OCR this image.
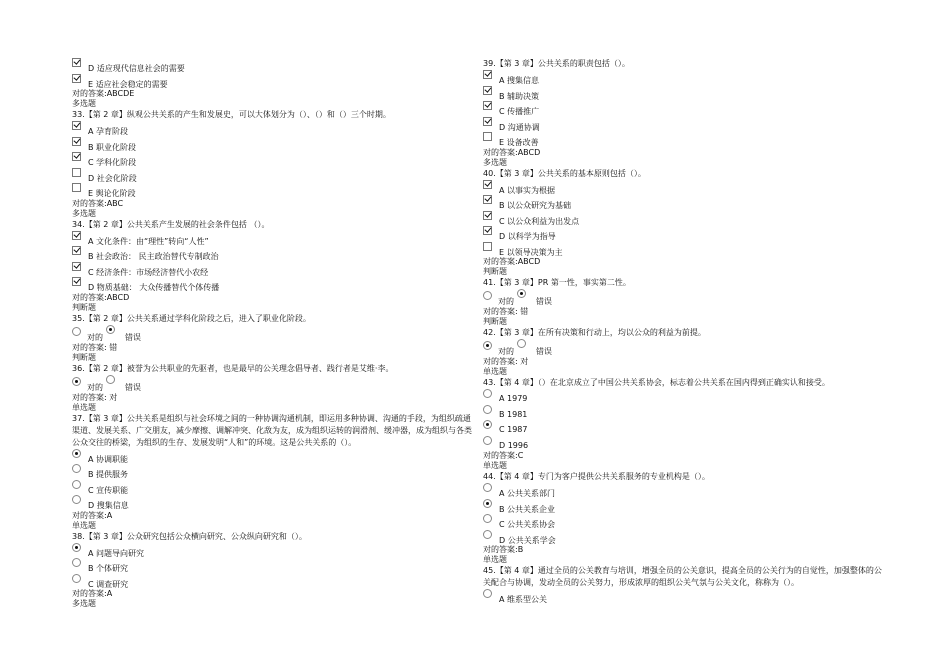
D 适应现代信息社会的需要
E 适应社会稳定的需要
对的答案:ABCDE
多选题
33.【第 2 章】纵观公共关系的产生和发展史，可以大体划分为（）、（）和（）三个时期。
A 孕育阶段
B 职业化阶段
C 学科化阶段
D 社会化阶段
E 舆论化阶段
对的答案:ABC
多选题
34.【第 2 章】公共关系产生发展的社会条件包括 （）。
A 文化条件：由“理性”转向“人性”
B 社会政治： 民主政治替代专制政治
C 经济条件：市场经济替代小农经
D 物质基础： 大众传播替代个体传播
对的答案:ABCD
判断题
35.【第 2 章】公共关系通过学科化阶段之后，进入了职业化阶段。
对的	错误
对的答案: 错
判断题
36.【第 2 章】被誉为公共职业的先驱者，也是最早的公关理念倡导者、践行者是艾维·李。
对的	错误
对的答案: 对
单选题
37.【第 3 章】公共关系是组织与社会环境之间的一种协调沟通机制，即运用多种协调、沟通的手段，为组织疏通渠道、发展关系、广交朋友，减少摩擦、调解冲突、化敌为友，成为组织运转的润滑剂、缓冲器，成为组织与各类公众交往的桥梁，为组织的生存、发展发明“人和”的环境。这是公共关系的（）。
A 协调职能
B 提供服务
C 宣传职能
D 搜集信息
对的答案:A
单选题
38.【第 3 章】公众研究包括公众横向研究、公众纵向研究和（）。
A 问题导向研究
B 个体研究
C 调查研究
对的答案:A
多选题
39.【第 3 章】公共关系的职责包括（）。
A 搜集信息
B 辅助决策
C 传播推广
D 沟通协调
E 设备改善
对的答案:ABCD
多选题
40.【第 3 章】公共关系的基本原则包括（）。
A 以事实为根据
B 以公众研究为基础
C 以公众利益为出发点
D 以科学为指导
E 以领导决策为主
对的答案:ABCD
判断题
41.【第 3 章】PR 第一性，事实第二性。
对的	错误
对的答案: 错
判断题
42.【第 3 章】在所有决策和行动上，均以公众的利益为前提。
对的	错误
对的答案: 对
单选题
43.【第 4 章】（）在北京成立了中国公共关系协会，标志着公共关系在国内得到正确实认和接受。
A 1979
B 1981
C 1987
D 1996
对的答案:C
单选题
44.【第 4 章】专门为客户提供公共关系服务的专业机构是（）。
A 公共关系部门
B 公共关系企业
C 公共关系协会
D 公共关系学会
对的答案:B
单选题
45.【第 4 章】通过全员的公关教育与培训，增强全员的公关意识，提高全员的公关行为的自觉性，加强整体的公关配合与协调，发动全员的公关努力，形成浓厚的组织公关气氛与公关文化，称称为（）。
A 维系型公关
